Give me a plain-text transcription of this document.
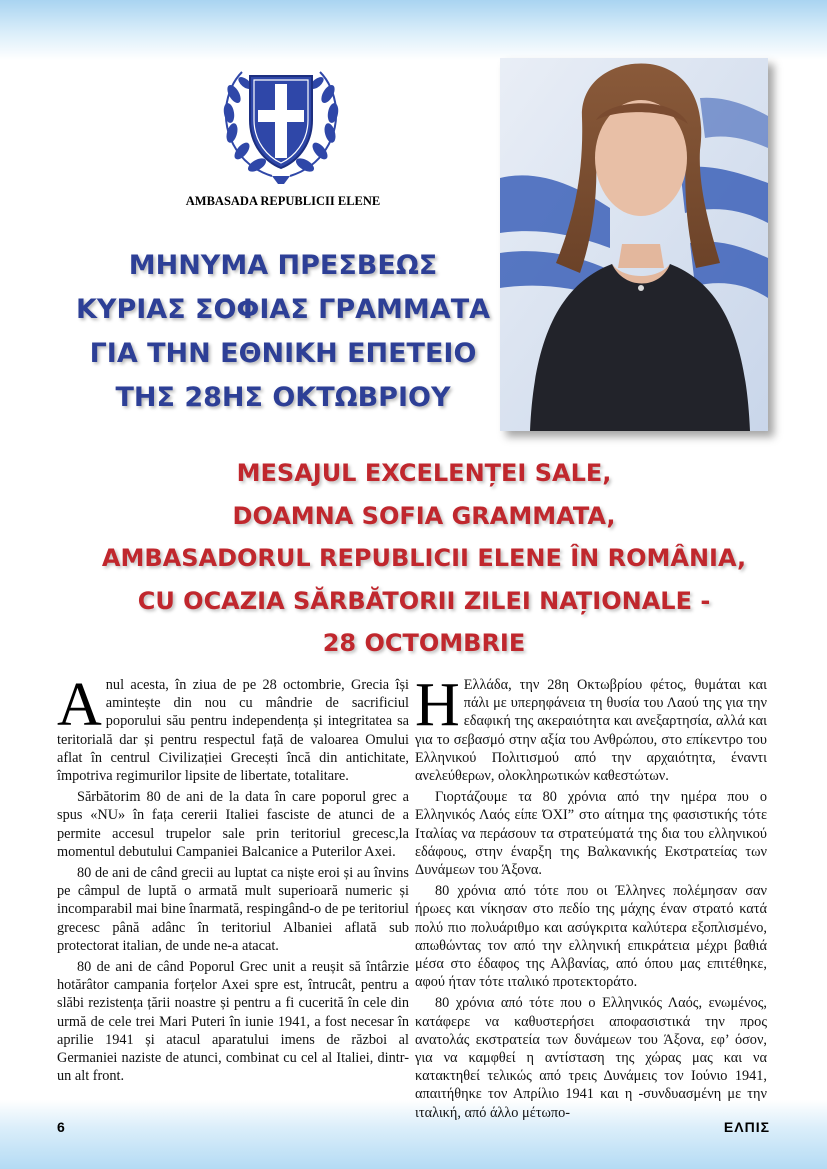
AMBASADA REPUBLICII ELENE
ΜΗΝΥΜΑ ΠΡΕΣΒΕΩΣ
ΚΥΡΙΑΣ ΣΟΦΙΑΣ ΓΡΑΜΜΑΤΑ
ΓΙΑ ΤΗΝ ΕΘΝΙΚΗ ΕΠΕΤΕΙΟ
ΤΗΣ 28ΗΣ ΟΚΤΩΒΡΙΟΥ
MESAJUL EXCELENȚEI SALE,
DOAMNA SOFIA GRAMMATA,
AMBASADORUL REPUBLICII ELENE ÎN ROMÂNIA,
CU OCAZIA SĂRBĂTORII ZILEI NAȚIONALE -
28 OCTOMBRIE

Anul acesta, în ziua de pe 28 octombrie, Grecia își amintește din nou cu mândrie de sacrificiul poporului său pentru independența și integritatea sa teritorială dar și pentru respectul față de valoarea Omului aflat în centrul Civilizației Grecești încă din antichitate, împotriva regimurilor lipsite de libertate, totalitare.

Sărbătorim 80 de ani de la data în care poporul grec a spus «NU» în fața cererii Italiei fasciste de atunci de a permite accesul trupelor sale prin teritoriul grecesc,la momentul debutului Campaniei Balcanice a Puterilor Axei.

80 de ani de când grecii au luptat ca niște eroi și au învins pe câmpul de luptă o armată mult superioară numeric și incomparabil mai bine înarmată, respingând-o de pe teritoriul grecesc până adânc în teritoriul Albaniei aflată sub protectorat italian, de unde ne-a atacat.

80 de ani de când Poporul Grec unit a reușit să întârzie hotărâtor campania forțelor Axei spre est, întrucât, pentru a slăbi rezistența țării noastre și pentru a fi cucerită în cele din urmă de cele trei Mari Puteri în iunie 1941, a fost necesar în aprilie 1941 și atacul aparatului imens de război al Germaniei naziste de atunci, combinat cu cel al Italiei, dintr-un alt front.

Η Ελλάδα, την 28η Οκτωβρίου φέτος, θυμάται και πάλι με υπερηφάνεια τη θυσία του Λαού της για την εδαφική της ακεραιότητα και ανεξαρτησία, αλλά και για το σεβασμό στην αξία του Ανθρώπου, στο επίκεντρο του Ελληνικού Πολιτισμού από την αρχαιότητα, έναντι ανελεύθερων, ολοκληρωτικών καθεστώτων.

Γιορτάζουμε τα 80 χρόνια από την ημέρα που ο Ελληνικός Λαός είπε ΌΧΙ” στο αίτημα της φασιστικής τότε Ιταλίας να περάσουν τα στρατεύματά της δια του ελληνικού εδάφους, στην έναρξη της Βαλκανικής Εκστρατείας των Δυνάμεων του Άξονα.

80 χρόνια από τότε που οι Έλληνες πολέμησαν σαν ήρωες και νίκησαν στο πεδίο της μάχης έναν στρατό κατά πολύ πιο πολυάριθμο και ασύγκριτα καλύτερα εξοπλισμένο, απωθώντας τον από την ελληνική επικράτεια μέχρι βαθιά μέσα στο έδαφος της Αλβανίας, από όπου μας επιτέθηκε, αφού ήταν τότε ιταλικό προτεκτοράτο.

80 χρόνια από τότε που ο Ελληνικός Λαός, ενωμένος, κατάφερε να καθυστερήσει αποφασιστικά την προς ανατολάς εκστρατεία των δυνάμεων του Άξονα, εφ’ όσον, για να καμφθεί η αντίσταση της χώρας μας και να κατακτηθεί τελικώς από τρεις Δυνάμεις τον Ιούνιο 1941, απαιτήθηκε τον Απρίλιο 1941 και η -συνδυασμένη με την ιταλική, από άλλο μέτωπο-

6	ΕΛΠΙΣ
